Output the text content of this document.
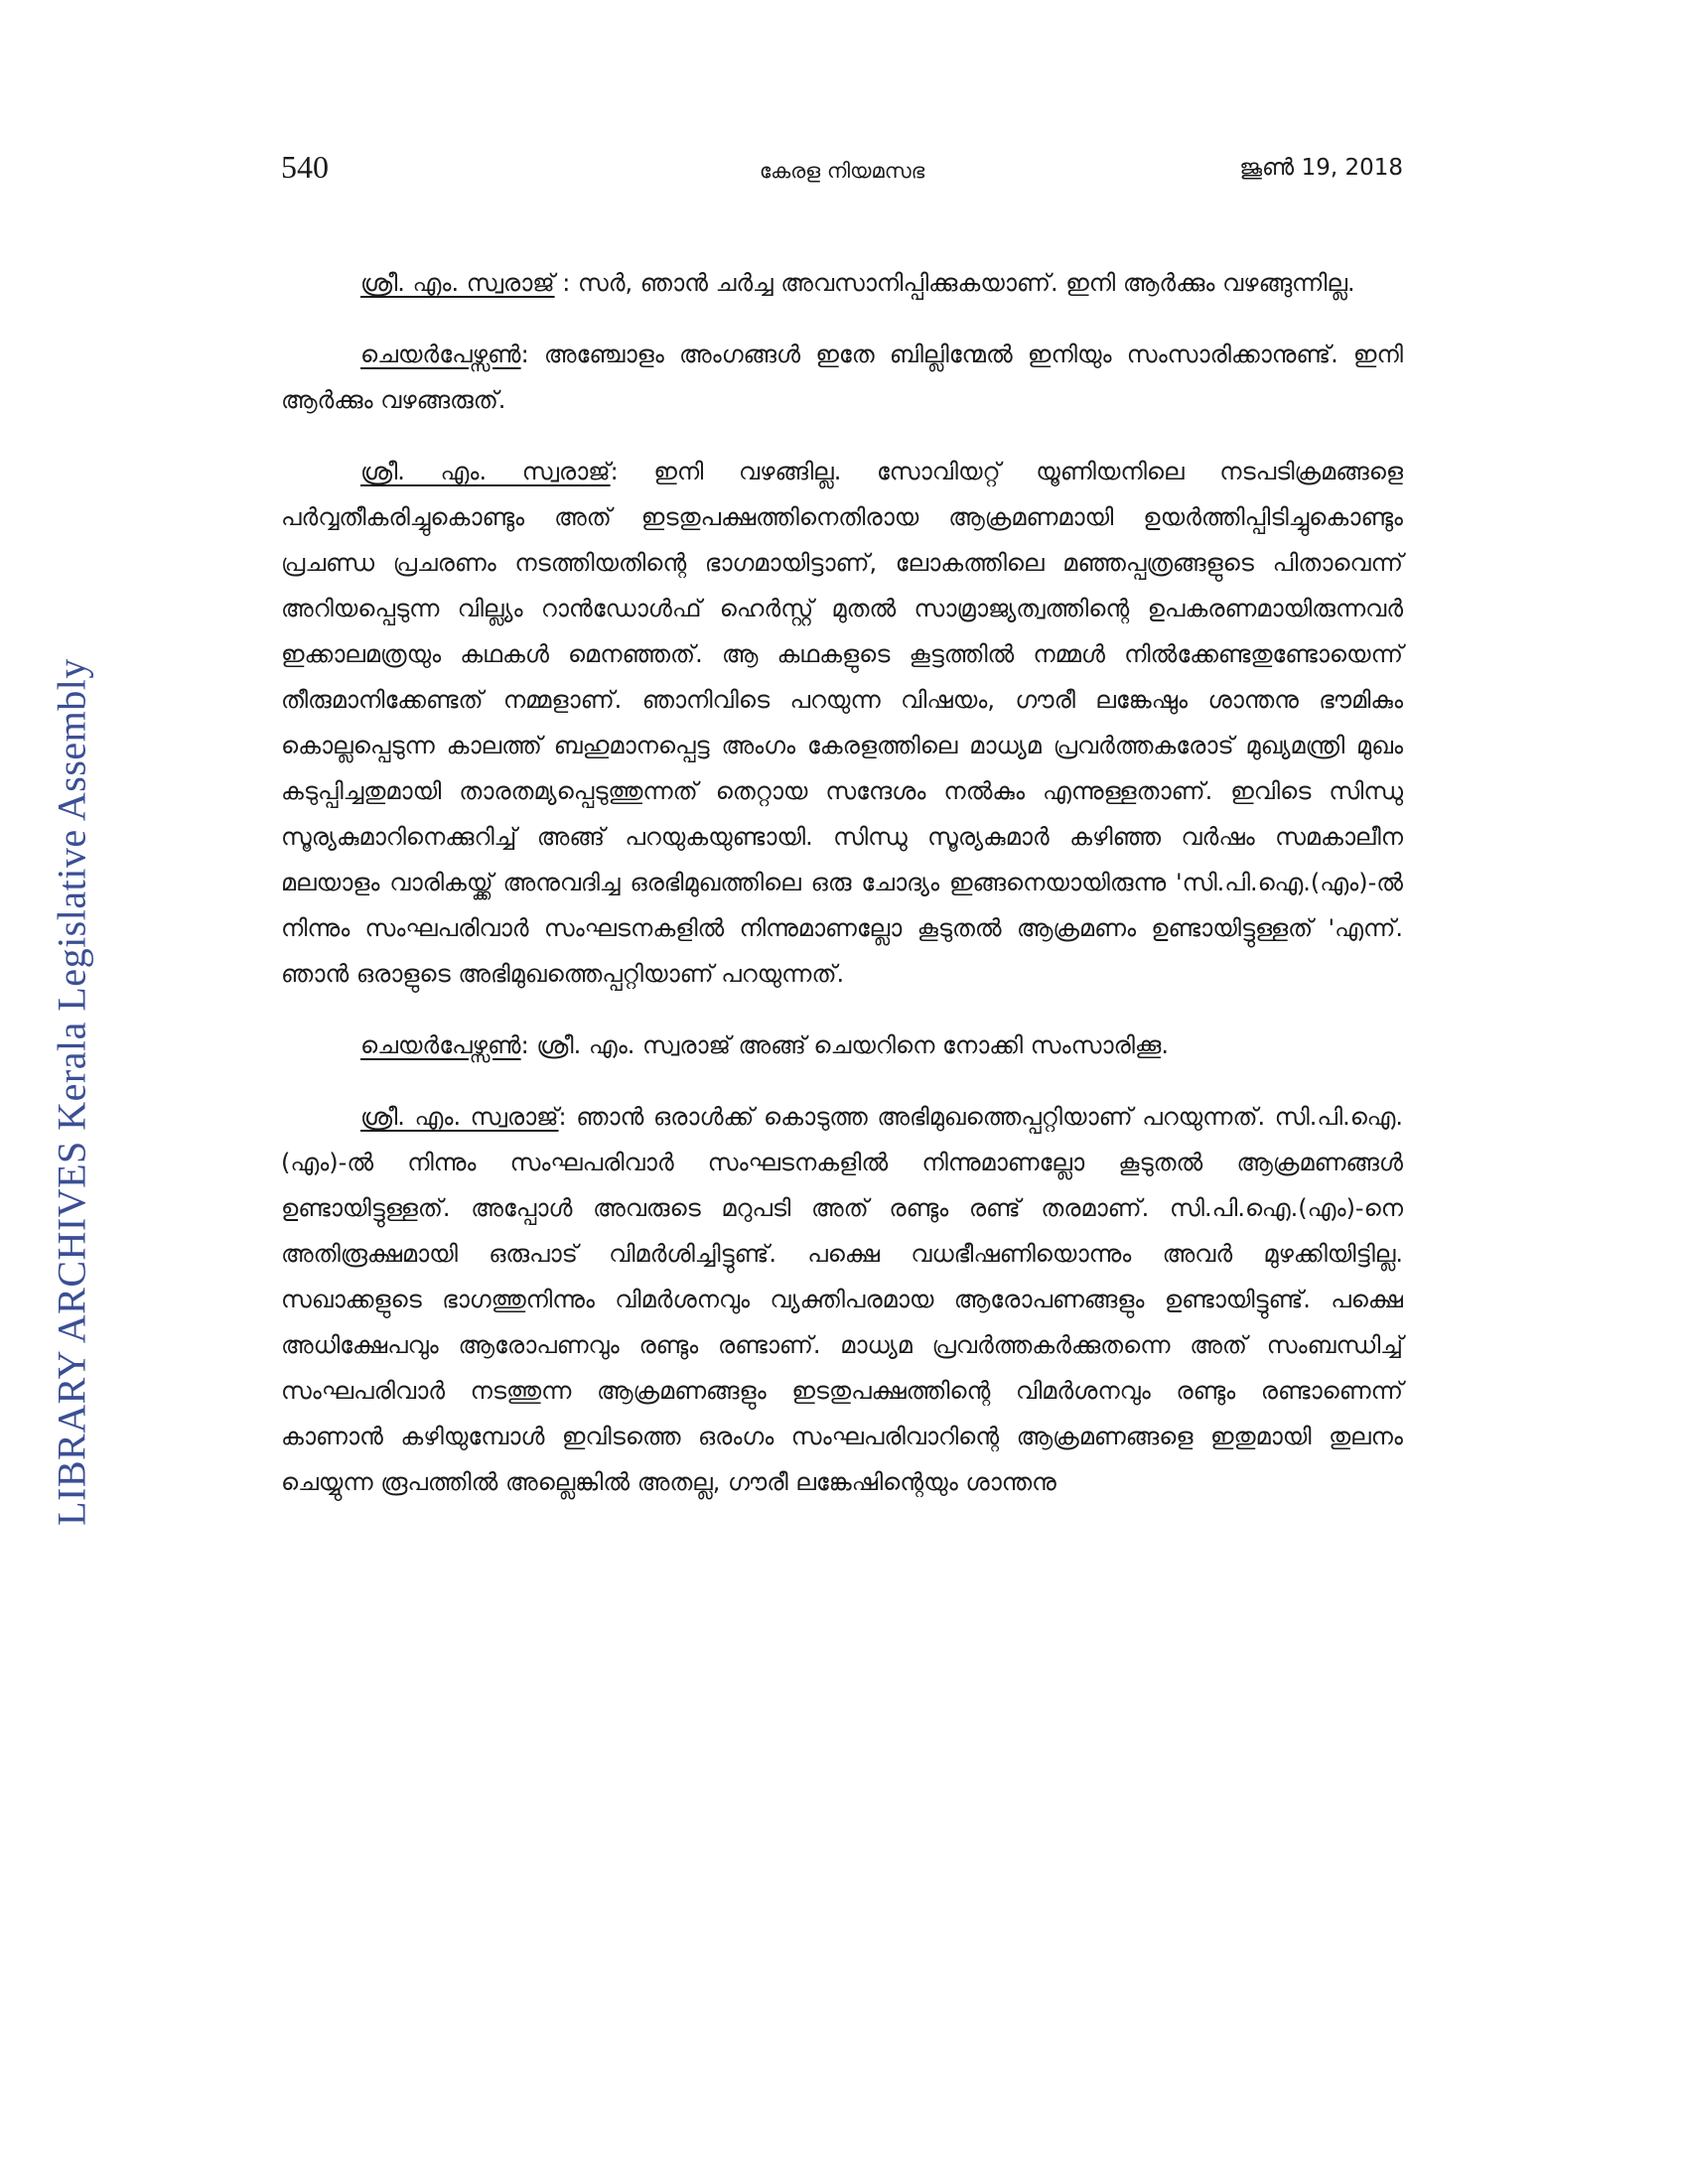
LIBRARY ARCHIVES Kerala Legislative Assembly
540	കേരള നിയമസഭ	ജൂൺ 19, 2018

ശ്രീ. എം. സ്വരാജ് : സർ, ഞാൻ ചർച്ച അവസാനിപ്പിക്കുകയാണ്. ഇനി ആർക്കും വഴങ്ങുന്നില്ല.

ചെയർപേഴ്സൺ: അഞ്ചോളം അംഗങ്ങൾ ഇതേ ബില്ലിന്മേൽ ഇനിയും സംസാരിക്കാനുണ്ട്. ഇനി ആർക്കും വഴങ്ങരുത്.

ശ്രീ. എം. സ്വരാജ്: ഇനി വഴങ്ങില്ല. സോവിയറ്റ് യൂണിയനിലെ നടപടിക്രമങ്ങളെ പർവ്വതീകരിച്ചുകൊണ്ടും അത് ഇടതുപക്ഷത്തിനെതിരായ ആക്രമണമായി ഉയർത്തിപ്പിടിച്ചുകൊണ്ടും പ്രചണ്ഡ പ്രചരണം നടത്തിയതിന്റെ ഭാഗമായിട്ടാണ്, ലോകത്തിലെ മഞ്ഞപ്പത്രങ്ങളുടെ പിതാവെന്ന് അറിയപ്പെടുന്ന വില്ല്യം റാൻഡോൾഫ് ഹെർസ്റ്റ് മുതൽ സാമ്രാജ്യത്വത്തിന്റെ ഉപകരണമായിരുന്നവർ ഇക്കാലമത്രയും കഥകൾ മെനഞ്ഞത്. ആ കഥകളുടെ കൂട്ടത്തിൽ നമ്മൾ നിൽക്കേണ്ടതുണ്ടോയെന്ന് തീരുമാനിക്കേണ്ടത് നമ്മളാണ്. ഞാനിവിടെ പറയുന്ന വിഷയം, ഗൗരീ ലങ്കേഷും ശാന്തനു ഭൗമികും കൊല്ലപ്പെടുന്ന കാലത്ത് ബഹുമാനപ്പെട്ട അംഗം കേരളത്തിലെ മാധ്യമ പ്രവർത്തകരോട് മുഖ്യമന്ത്രി മുഖം കടുപ്പിച്ചതുമായി താരതമ്യപ്പെടുത്തുന്നത് തെറ്റായ സന്ദേശം നൽകും എന്നുള്ളതാണ്. ഇവിടെ സിന്ധു സൂര്യകുമാറിനെക്കുറിച്ച് അങ്ങ് പറയുകയുണ്ടായി. സിന്ധു സൂര്യകുമാർ കഴിഞ്ഞ വർഷം സമകാലീന മലയാളം വാരികയ്ക്ക് അനുവദിച്ച ഒരഭിമുഖത്തിലെ ഒരു ചോദ്യം ഇങ്ങനെയായിരുന്നു 'സി.പി.ഐ.(എം)-ൽ നിന്നും സംഘപരിവാർ സംഘടനകളിൽ നിന്നുമാണല്ലോ കൂടുതൽ ആക്രമണം ഉണ്ടായിട്ടുള്ളത് 'എന്ന്. ഞാൻ ഒരാളുടെ അഭിമുഖത്തെപ്പറ്റിയാണ് പറയുന്നത്.

ചെയർപേഴ്സൺ: ശ്രീ. എം. സ്വരാജ് അങ്ങ് ചെയറിനെ നോക്കി സംസാരിക്കൂ.

ശ്രീ. എം. സ്വരാജ്: ഞാൻ ഒരാൾക്ക് കൊടുത്ത അഭിമുഖത്തെപ്പറ്റിയാണ് പറയുന്നത്. സി.പി.ഐ.(എം)-ൽ നിന്നും സംഘപരിവാർ സംഘടനകളിൽ നിന്നുമാണല്ലോ കൂടുതൽ ആക്രമണങ്ങൾ ഉണ്ടായിട്ടുള്ളത്. അപ്പോൾ അവരുടെ മറുപടി അത് രണ്ടും രണ്ട് തരമാണ്. സി.പി.ഐ.(എം)-നെ അതിരൂക്ഷമായി ഒരുപാട് വിമർശിച്ചിട്ടുണ്ട്. പക്ഷെ വധഭീഷണിയൊന്നും അവർ മുഴക്കിയിട്ടില്ല. സഖാക്കളുടെ ഭാഗത്തുനിന്നും വിമർശനവും വ്യക്തിപരമായ ആരോപണങ്ങളും ഉണ്ടായിട്ടുണ്ട്. പക്ഷെ അധിക്ഷേപവും ആരോപണവും രണ്ടും രണ്ടാണ്. മാധ്യമ പ്രവർത്തകർക്കുതന്നെ അത് സംബന്ധിച്ച് സംഘപരിവാർ നടത്തുന്ന ആക്രമണങ്ങളും ഇടതുപക്ഷത്തിന്റെ വിമർശനവും രണ്ടും രണ്ടാണെന്ന് കാണാൻ കഴിയുമ്പോൾ ഇവിടത്തെ ഒരംഗം സംഘപരിവാറിന്റെ ആക്രമണങ്ങളെ ഇതുമായി തുലനം ചെയ്യുന്ന രൂപത്തിൽ അല്ലെങ്കിൽ അതല്ല, ഗൗരീ ലങ്കേഷിന്റെയും ശാന്തനു
